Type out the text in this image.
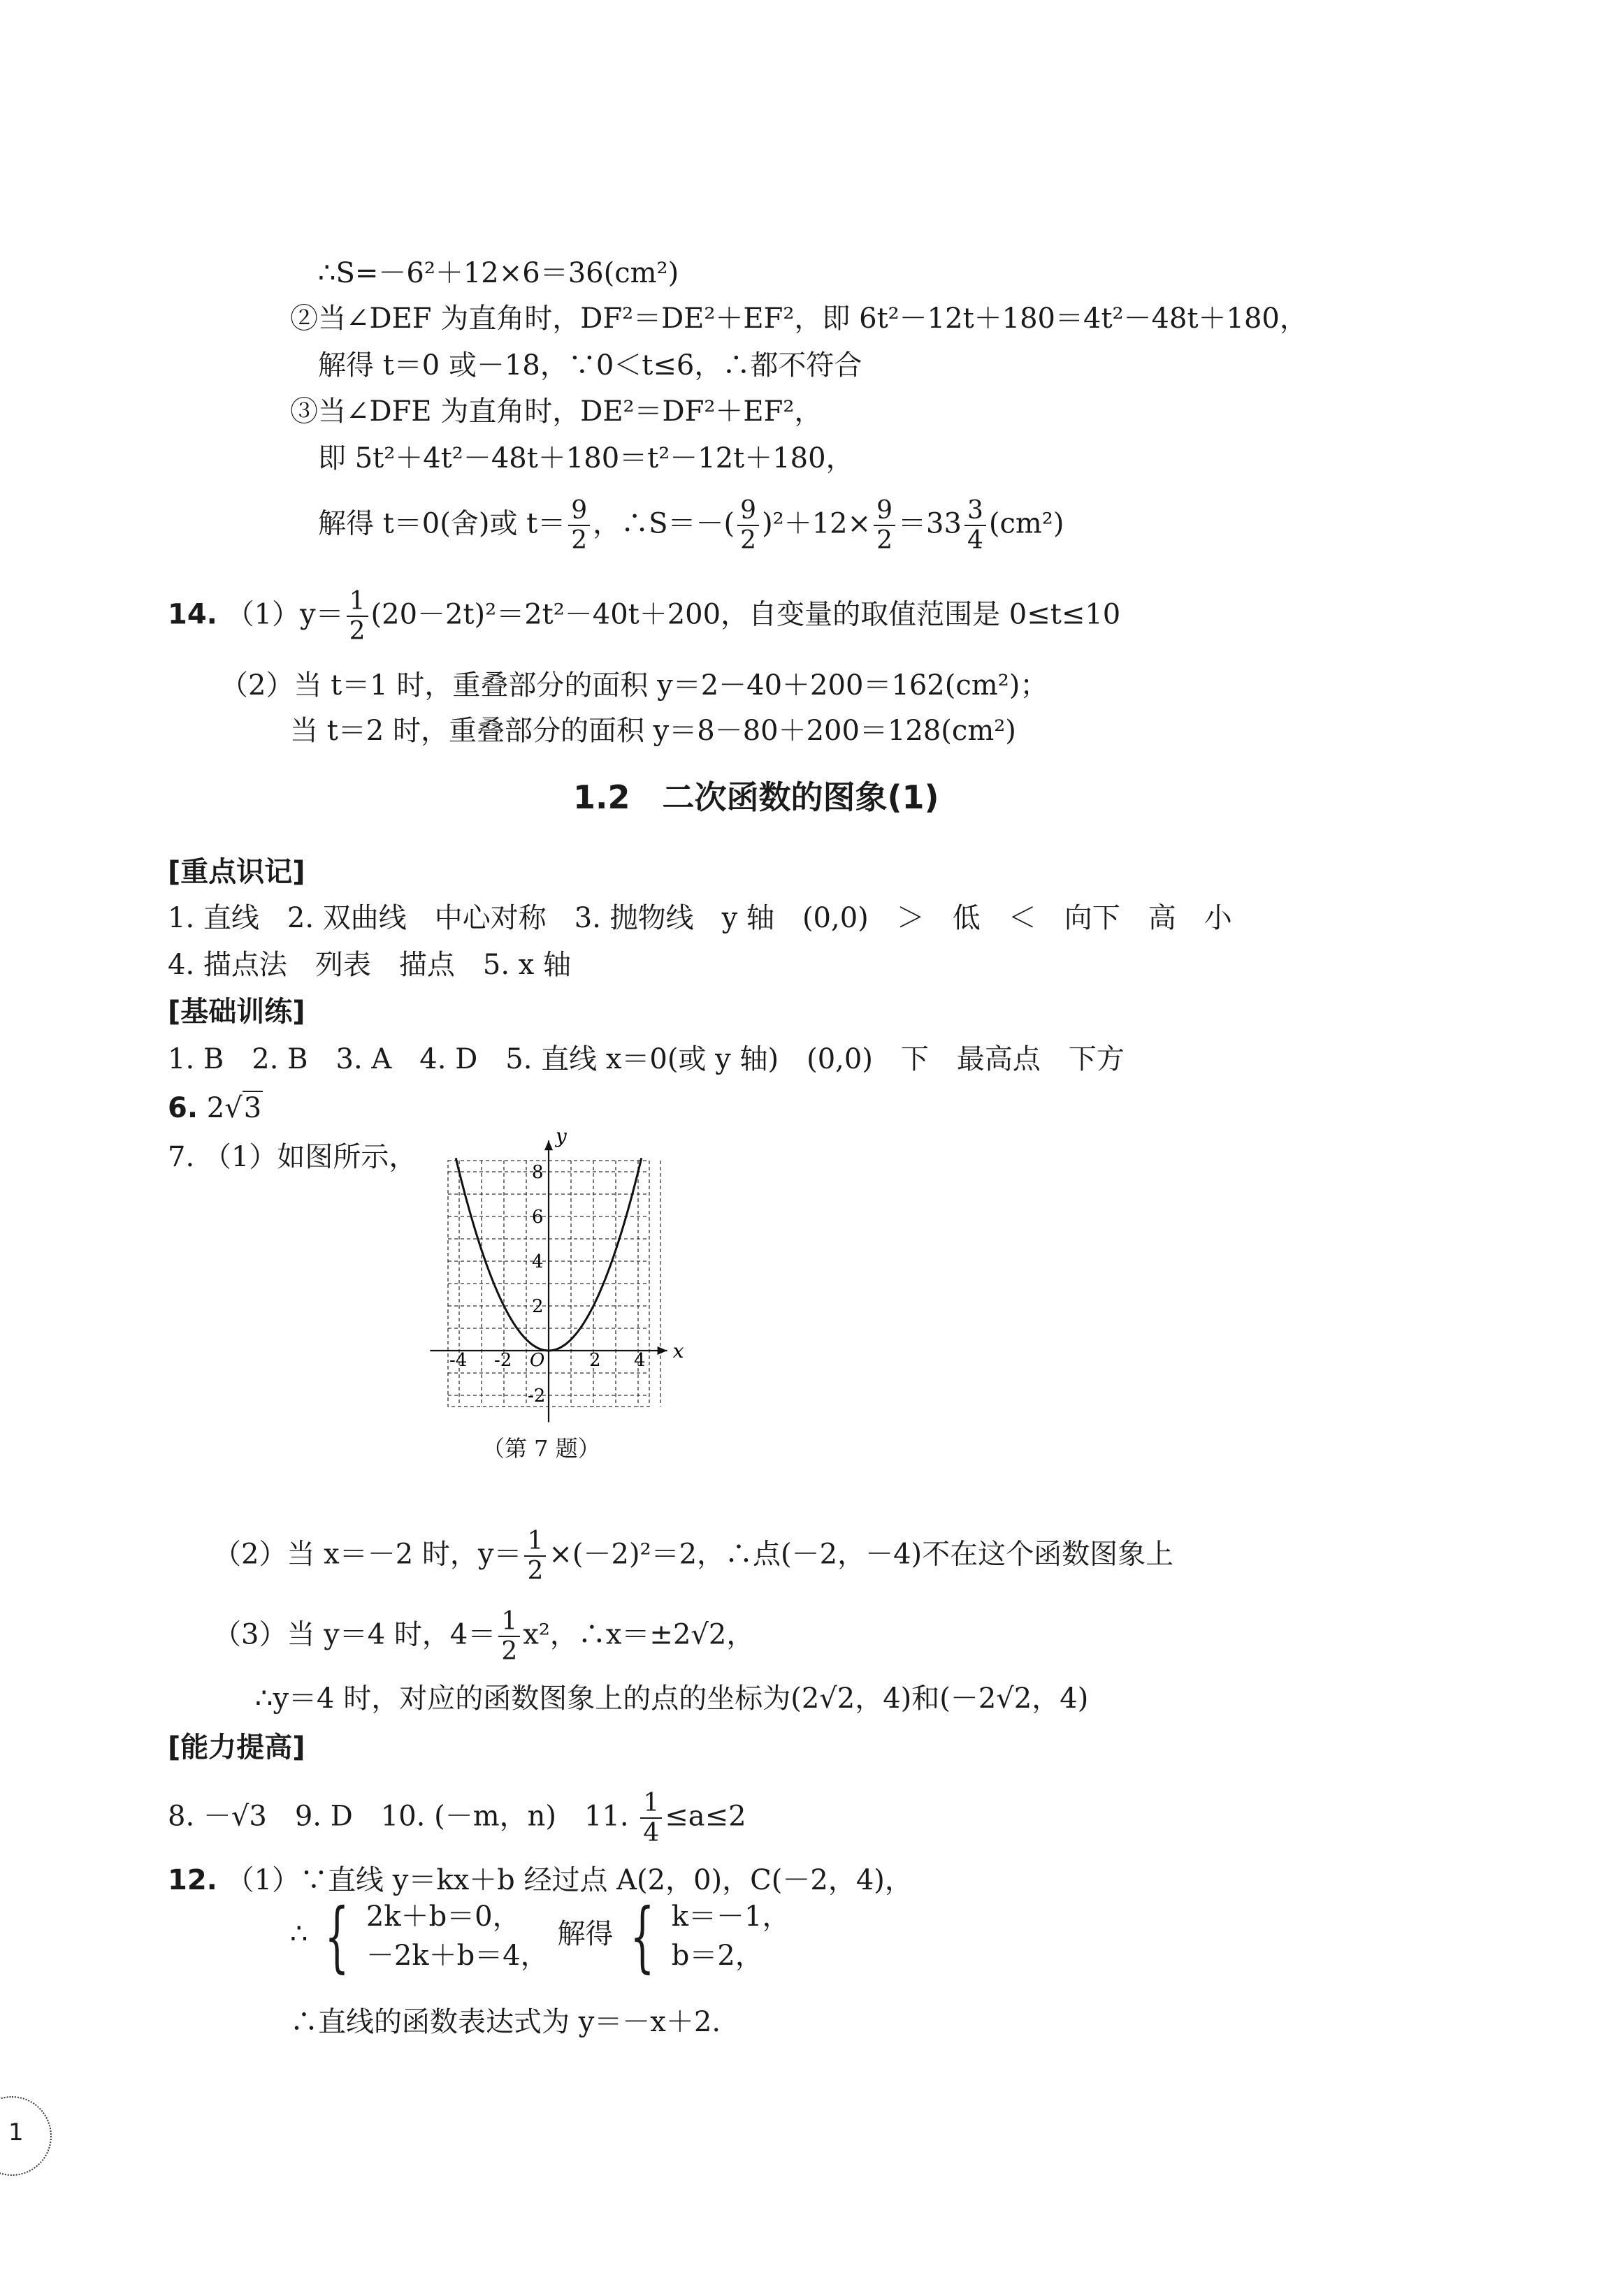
∴S=－6²＋12×6＝36(cm²)
②当∠DEF 为直角时，DF²＝DE²＋EF²，即 6t²－12t＋180＝4t²－48t＋180，
解得 t＝0 或－18，∵0＜t≤6，∴都不符合
③当∠DFE 为直角时，DE²＝DF²＋EF²，
即 5t²＋4t²－48t＋180＝t²－12t＋180，
解得 t＝0(舍)或 $t= \frac{9}{2}$ ，∴S＝－( $\frac{9}{2} )^2+12\times \frac{9}{2} =33 \frac{3}{4} (cm^2)$
14. $(1)y= \frac{1}{2} (20-2t)^2=2t^2-40t+200$，自变量的取值范围是 0≤t≤10
（2）当 t＝1 时，重叠部分的面积 y＝2－40＋200＝162(cm²)；
当 t＝2 时，重叠部分的面积 y＝8－80＋200＝128(cm²)
1.2　二次函数的图象(1)
[重点识记]
1. 直线　2. 双曲线　中心对称　3. 抛物线　y 轴　(0,0)　＞　低　＜　向下　高　小
4. 描点法　列表　描点　5. x 轴
[基础训练]
1. B　2. B　3. A　4. D　5. 直线 x＝0(或 y 轴)　(0,0)　下　最高点　下方
6. 2√3
7. （1）如图所示，
x
y
-4 -2	2 4
8
6
4
2
-2
O
（第 7 题）
（2）当 x＝－2 时，$y= \frac{1}{2} \times(-2)^2=2$，∴点(－2，－4)不在这个函数图象上
（3）当 y＝4 时，$4= \frac{1}{2} x^2$，∴x＝±2√2，
∴y＝4 时，对应的函数图象上的点的坐标为(2√2，4)和(－2√2，4)
[能力提高]
8. －√3　9. D　10. (－m，n)　11. $\frac{1}{4} \le a\le 2$
12. （1）∵直线 y＝kx＋b 经过点 A(2，0)，C(－2，4)，
∴ { 2k＋b＝0，
－2k＋b＝4，
解得 { k＝－1，
b＝2，
∴直线的函数表达式为 y＝－x＋2.
1
